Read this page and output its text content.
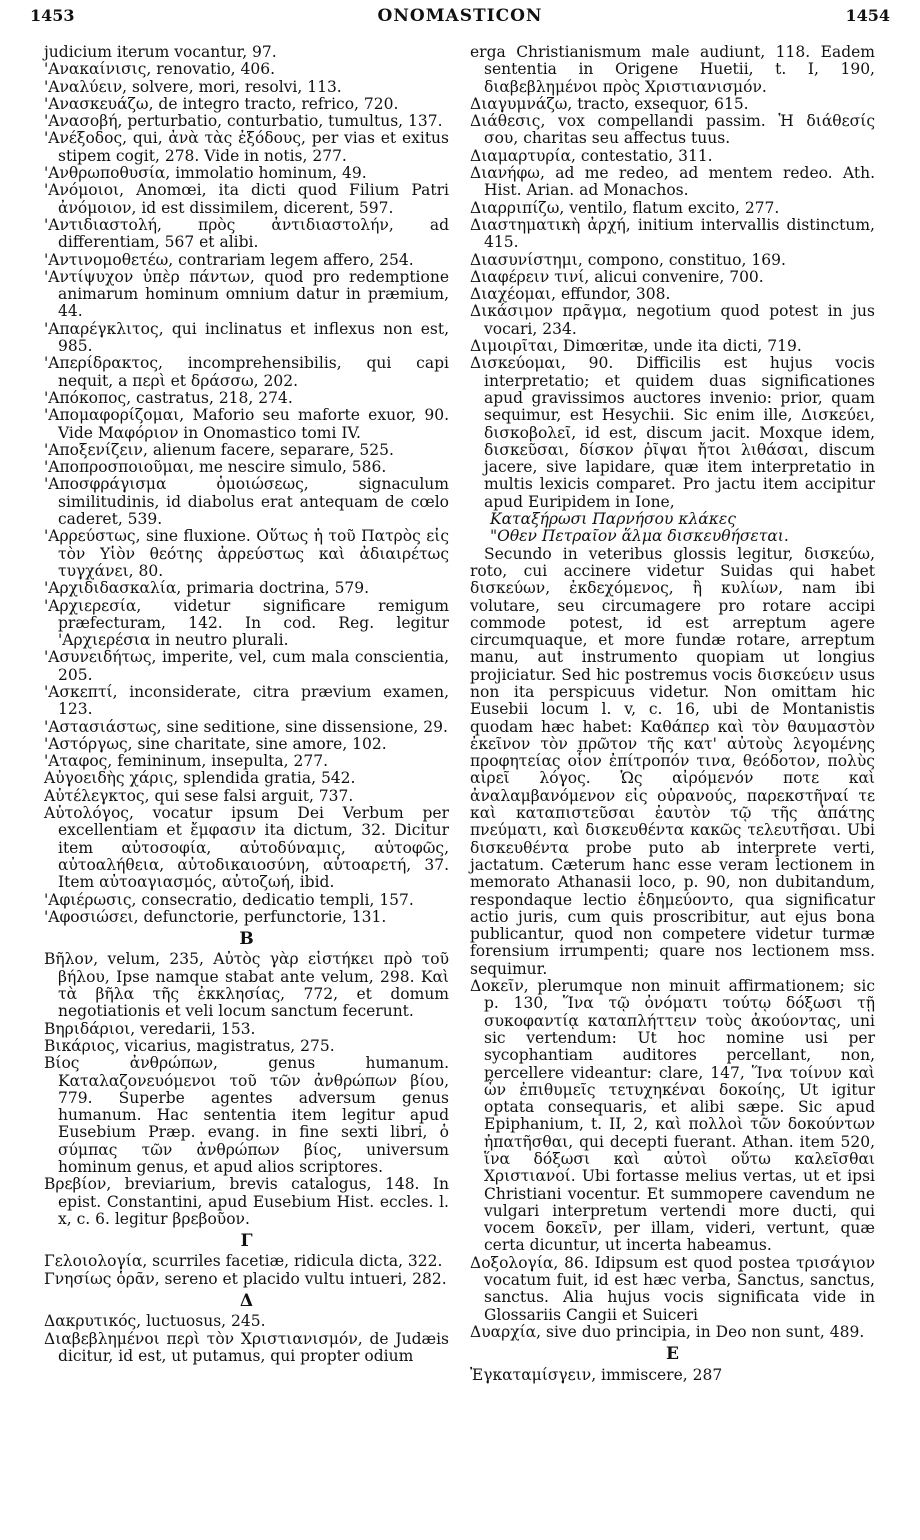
1453	ONOMASTICON	1454

judicium iterum vocantur, 97.

'Ανακαίνισις, renovatio, 406.

'Αναλύειν, solvere, mori, resolvi, 113.

'Ανασκευάζω, de integro tracto, refrico, 720.

'Ανασοβή, perturbatio, conturbatio, tumultus, 137.

'Ανέξοδος, qui, ἀνὰ τὰς ἐξόδους, per vias et exitus stipem cogit, 278. Vide in notis, 277.

'Ανθρωποθυσία, immolatio hominum, 49.

'Ανόμοιοι, Anomœi, ita dicti quod Filium Patri ἀνόμοιον, id est dissimilem, dicerent, 597.

'Αντιδιαστολή, πρὸς ἀντιδιαστολήν, ad differentiam, 567 et alibi.

'Αντινομοθετέω, contrariam legem affero, 254.

'Αντίψυχον ὑπὲρ πάντων, quod pro redemptione animarum hominum omnium datur in præmium, 44.

'Απαρέγκλιτος, qui inclinatus et inflexus non est, 985.

'Απερίδρακτος, incomprehensibilis, qui capi nequit, a περὶ et δράσσω, 202.

'Απόκοπος, castratus, 218, 274.

'Απομαφορίζομαι, Maforio seu maforte exuor, 90. Vide Μαφόριον in Onomastico tomi IV.

'Αποξενίζειν, alienum facere, separare, 525.

'Αποπροσποιοῦμαι, me nescire simulo, 586.

'Αποσφράγισμα ὁμοιώσεως, signaculum similitudinis, id diabolus erat antequam de cœlo caderet, 539.

'Αρρεύστως, sine fluxione. Οὕτως ἡ τοῦ Πατρὸς εἰς τὸν Υἱὸν θεότης ἀρρεύστως καὶ ἀδιαιρέτως τυγχάνει, 80.

'Αρχιδιδασκαλία, primaria doctrina, 579.

'Αρχιερεσία, videtur significare remigum præfecturam, 142. In cod. Reg. legitur 'Αρχιερέσια in neutro plurali.

'Ασυνειδήτως, imperite, vel, cum mala conscientia, 205.

'Ασκεπτί, inconsiderate, citra prævium examen, 123.

'Αστασιάστως, sine seditione, sine dissensione, 29.

'Αστόργως, sine charitate, sine amore, 102.

'Αταφος, femininum, insepulta, 277.

Αὐγοειδὴς χάρις, splendida gratia, 542.

Αὐτέλεγκτος, qui sese falsi arguit, 737.

Αὐτολόγος, vocatur ipsum Dei Verbum per excellentiam et ἔμφασιν ita dictum, 32. Dicitur item αὐτοσοφία, αὐτοδύναμις, αὐτοφῶς, αὐτοαλήθεια, αὐτοδικαιοσύνη, αὐτοαρετή, 37. Item αὐτοαγιασμός, αὐτοζωή, ibid.

'Αφιέρωσις, consecratio, dedicatio templi, 157.

'Αφοσιώσει, defunctorie, perfunctorie, 131.

B

Βῆλον, velum, 235, Αὐτὸς γὰρ εἱστήκει πρὸ τοῦ βήλου, Ipse namque stabat ante velum, 298. Καὶ τὰ βῆλα τῆς ἐκκλησίας, 772, et domum negotiationis et veli locum sanctum fecerunt.

Βηριδάριοι, veredarii, 153.

Βικάριος, vicarius, magistratus, 275.

Βίος ἀνθρώπων, genus humanum. Καταλαζονευόμενοι τοῦ τῶν ἀνθρώπων βίου, 779. Superbe agentes adversum genus humanum. Hac sententia item legitur apud Eusebium Præp. evang. in fine sexti libri, ὁ σύμπας τῶν ἀνθρώπων βίος, universum hominum genus, et apud alios scriptores.

Βρεβίον, breviarium, brevis catalogus, 148. In epist. Constantini, apud Eusebium Hist. eccles. l. x, c. 6. legitur βρεβοῦον.

Γ

Γελοιολογία, scurriles facetiæ, ridicula dicta, 322.

Γνησίως ὁρᾶν, sereno et placido vultu intueri, 282.

Δ

Δακρυτικός, luctuosus, 245.

Διαβεβλημένοι περὶ τὸν Χριστιανισμόν, de Judæis dicitur, id est, ut putamus, qui propter odium

erga Christianismum male audiunt, 118. Eadem sententia in Origene Huetii, t. I, 190, διαβεβλημένοι πρὸς Χριστιανισμόν.

Διαγυμνάζω, tracto, exsequor, 615.

Διάθεσις, vox compellandi passim. Ἡ διάθεσίς σου, charitas seu affectus tuus.

Διαμαρτυρία, contestatio, 311.

Διανήφω, ad me redeo, ad mentem redeo. Ath. Hist. Arian. ad Monachos.

Διαρριπίζω, ventilo, flatum excito, 277.

Διαστηματικὴ ἀρχή, initium intervallis distinctum, 415.

Διασυνίστημι, compono, constituo, 169.

Διαφέρειν τινί, alicui convenire, 700.

Διαχέομαι, effundor, 308.

Δικάσιμον πρᾶγμα, negotium quod potest in jus vocari, 234.

Διμοιρῖται, Dimœritæ, unde ita dicti, 719.

Δισκεύομαι, 90. Difficilis est hujus vocis interpretatio; et quidem duas significationes apud gravissimos auctores invenio: prior, quam sequimur, est Hesychii. Sic enim ille, Δισκεύει, δισκοβολεῖ, id est, discum jacit. Moxque idem, δισκεῦσαι, δίσκον ῥῖψαι ἤτοι λιθάσαι, discum jacere, sive lapidare, quæ item interpretatio in multis lexicis comparet. Pro jactu item accipitur apud Euripidem in Ione,

Καταξήρωσι Παρνήσου κλάκες

"Οθεν Πετραῖον ἅλμα δισκευθήσεται.

Secundo in veteribus glossis legitur, δισκεύω, roto, cui accinere videtur Suidas qui habet δισκεύων, ἐκδεχόμενος, ἢ κυλίων, nam ibi volutare, seu circumagere pro rotare accipi commode potest, id est arreptum agere circumquaque, et more fundæ rotare, arreptum manu, aut instrumento quopiam ut longius projiciatur. Sed hic postremus vocis δισκεύειν usus non ita perspicuus videtur. Non omittam hic Eusebii locum l. v, c. 16, ubi de Montanistis quodam hæc habet: Καθάπερ καὶ τὸν θαυμαστὸν ἐκεῖνον τὸν πρῶτον τῆς κατ' αὐτοὺς λεγομένης προφητείας οἷον ἐπίτροπόν τινα, θεόδοτον, πολὺς αἱρεῖ λόγος. Ὡς αἰρόμενόν ποτε καὶ ἀναλαμβανόμενον εἰς οὐρανούς, παρεκστῆναί τε καὶ καταπιστεῦσαι ἑαυτὸν τῷ τῆς ἀπάτης πνεύματι, καὶ δισκευθέντα κακῶς τελευτῆσαι. Ubi δισκευθέντα probe puto ab interprete verti, jactatum. Cæterum hanc esse veram lectionem in memorato Athanasii loco, p. 90, non dubitandum, respondaque lectio ἐδημεύοντο, qua significatur actio juris, cum quis proscribitur, aut ejus bona publicantur, quod non competere videtur turmæ forensium irrumpenti; quare nos lectionem mss. sequimur.

Δοκεῖν, plerumque non minuit affirmationem; sic p. 130, Ἵνα τῷ ὀνόματι τούτῳ δόξωσι τῇ συκοφαντίᾳ καταπλήττειν τοὺς ἀκούοντας, uni sic vertendum: Ut hoc nomine usi per sycophantiam auditores percellant, non, percellere videantur: clare, 147, Ἵνα τοίνυν καὶ ὧν ἐπιθυμεῖς τετυχηκέναι δοκοίης, Ut igitur optata consequaris, et alibi sæpe. Sic apud Epiphanium, t. II, 2, καὶ πολλοὶ τῶν δοκούντων ἠπατῆσθαι, qui decepti fuerant. Athan. item 520, ἵνα δόξωσι καὶ αὐτοὶ οὕτω καλεῖσθαι Χριστιανοί. Ubi fortasse melius vertas, ut et ipsi Christiani vocentur. Et summopere cavendum ne vulgari interpretum vertendi more ducti, qui vocem δοκεῖν, per illam, videri, vertunt, quæ certa dicuntur, ut incerta habeamus.

Δοξολογία, 86. Idipsum est quod postea τρισάγιον vocatum fuit, id est hæc verba, Sanctus, sanctus, sanctus. Alia hujus vocis significata vide in Glossariis Cangii et Suiceri

Δυαρχία, sive duo principia, in Deo non sunt, 489.

E

Ἐγκαταμίσγειν, immiscere, 287
